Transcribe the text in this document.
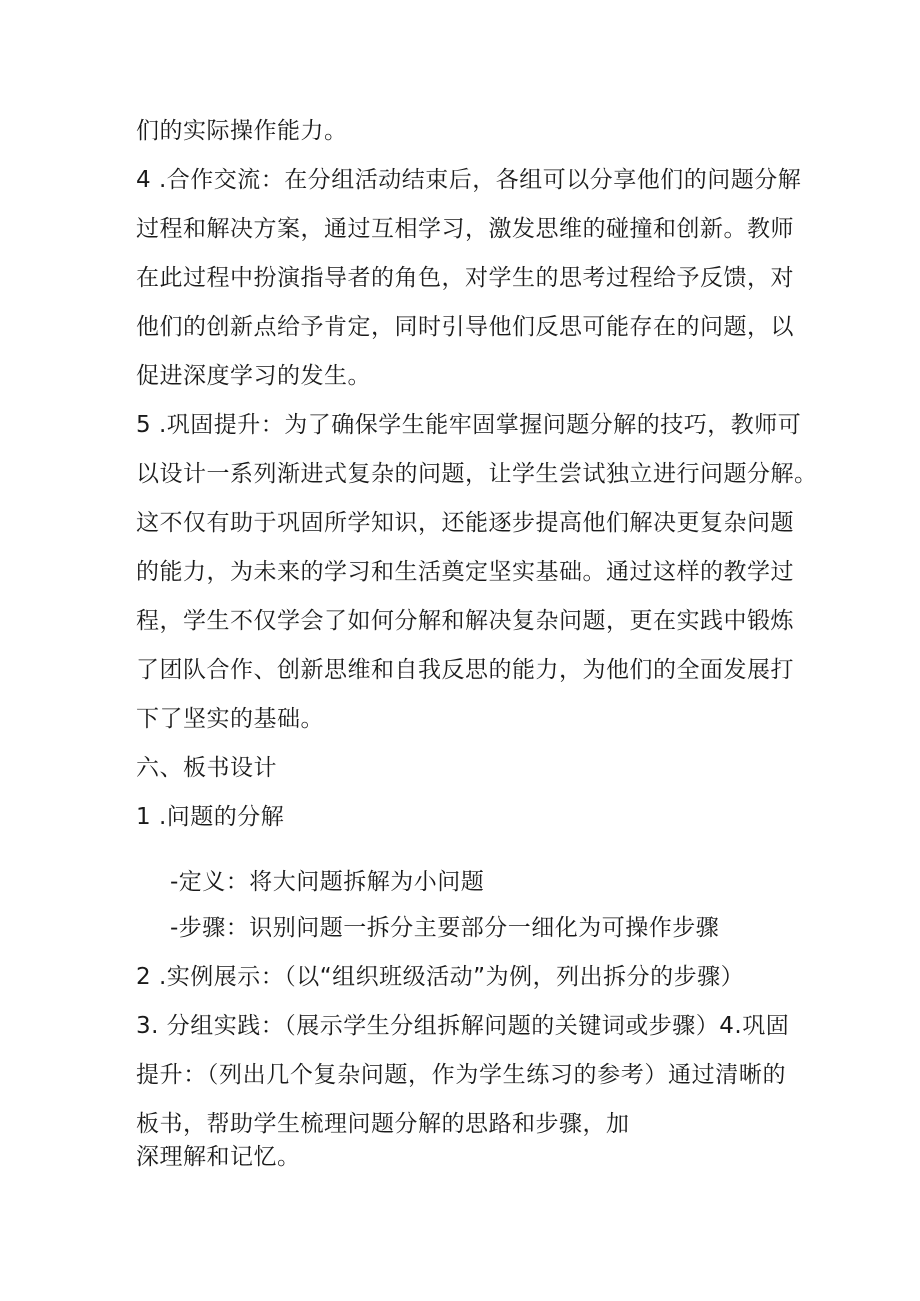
们的实际操作能力。
4 .合作交流：在分组活动结束后，各组可以分享他们的问题分解
过程和解决方案，通过互相学习，激发思维的碰撞和创新。教师
在此过程中扮演指导者的角色，对学生的思考过程给予反馈，对
他们的创新点给予肯定，同时引导他们反思可能存在的问题，以
促进深度学习的发生。
5 .巩固提升：为了确保学生能牢固掌握问题分解的技巧，教师可
以设计一系列渐进式复杂的问题，让学生尝试独立进行问题分解。
这不仅有助于巩固所学知识，还能逐步提高他们解决更复杂问题
的能力，为未来的学习和生活奠定坚实基础。通过这样的教学过
程，学生不仅学会了如何分解和解决复杂问题，更在实践中锻炼
了团队合作、创新思维和自我反思的能力，为他们的全面发展打
下了坚实的基础。
六、板书设计
1 .问题的分解
-定义：将大问题拆解为小问题
-步骤：识别问题一拆分主要部分一细化为可操作步骤
2 .实例展示：（以“组织班级活动”为例，列出拆分的步骤）
3. 分组实践：（展示学生分组拆解问题的关键词或步骤）4.巩固
提升：（列出几个复杂问题，作为学生练习的参考）通过清晰的
板书，帮助学生梳理问题分解的思路和步骤，加
深理解和记忆。
